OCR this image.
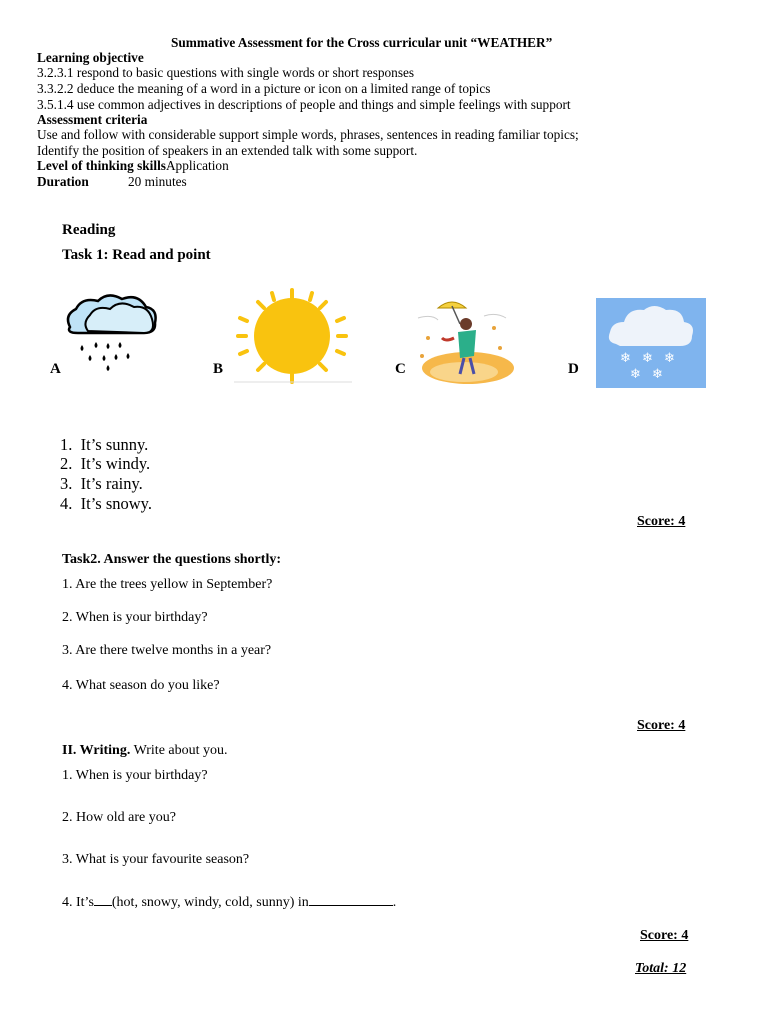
Summative Assessment for the Cross curricular unit “WEATHER”
Learning objective
3.2.3.1 respond to basic questions with single words or short responses
3.3.2.2 deduce the meaning of a word in a picture or icon on a limited range of topics
3.5.1.4 use common adjectives in descriptions of people and things and simple feelings with support
Assessment criteria
Use and follow with considerable support simple words, phrases, sentences in reading familiar topics;
Identify the position of speakers in an extended talk with some support.
Level of thinking skillsApplication
Duration	20 minutes
Reading
Task 1: Read and point
A	B	C
❄ ❄ ❄
❄ ❄
D
1. It’s sunny.
2. It’s windy.
3. It’s rainy.
4. It’s snowy.
Score: 4
Task2. Answer the questions shortly:
1. Are the trees yellow in September?
2. When is your birthday?
3. Are there twelve months in a year?
4. What season do you like?
Score: 4
II. Writing. Write about you.
1. When is your birthday?
2. How old are you?
3. What is your favourite season?
4. It’s (hot, snowy, windy, cold, sunny) in	.
Score: 4
Total: 12
